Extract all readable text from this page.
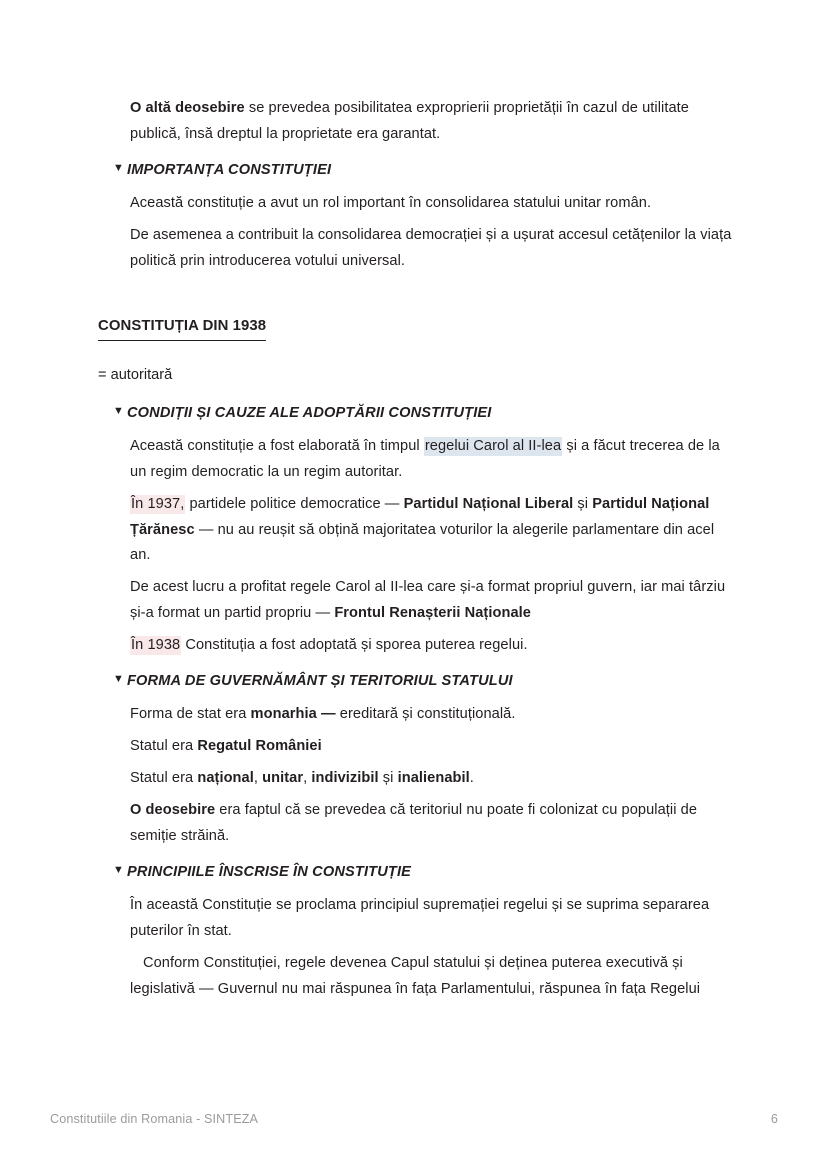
O altă deosebire se prevedea posibilitatea exproprierii proprietății în cazul de utilitate publică, însă dreptul la proprietate era garantat.

▼ IMPORTANȚA CONSTITUȚIEI

Această constituție a avut un rol important în consolidarea statului unitar român.

De asemenea a contribuit la consolidarea democrației și a ușurat accesul cetățenilor la viața politică prin introducerea votului universal.

CONSTITUȚIA DIN 1938

= autoritară

▼ CONDIȚII ȘI CAUZE ALE ADOPTĂRII CONSTITUȚIEI

Această constituție a fost elaborată în timpul regelui Carol al II-lea și a făcut trecerea de la un regim democratic la un regim autoritar.

În 1937, partidele politice democratice — Partidul Național Liberal și Partidul Național Țărănesc — nu au reușit să obțină majoritatea voturilor la alegerile parlamentare din acel an.

De acest lucru a profitat regele Carol al II-lea care și-a format propriul guvern, iar mai târziu și-a format un partid propriu — Frontul Renașterii Naționale

În 1938 Constituția a fost adoptată și sporea puterea regelui.

▼ FORMA DE GUVERNĂMÂNT ȘI TERITORIUL STATULUI

Forma de stat era monarhia — ereditară și constituțională.

Statul era Regatul României

Statul era național, unitar, indivizibil și inalienabil.

O deosebire era faptul că se prevedea că teritoriul nu poate fi colonizat cu populații de semiție străină.

▼ PRINCIPIILE ÎNSCRISE ÎN CONSTITUȚIE

În această Constituție se proclama principiul supremației regelui și se suprima separarea puterilor în stat.

Conform Constituției, regele devenea Capul statului și deținea puterea executivă și legislativă — Guvernul nu mai răspunea în fața Parlamentului, răspunea în fața Regelui

Constitutiile din Romania - SINTEZA	6
